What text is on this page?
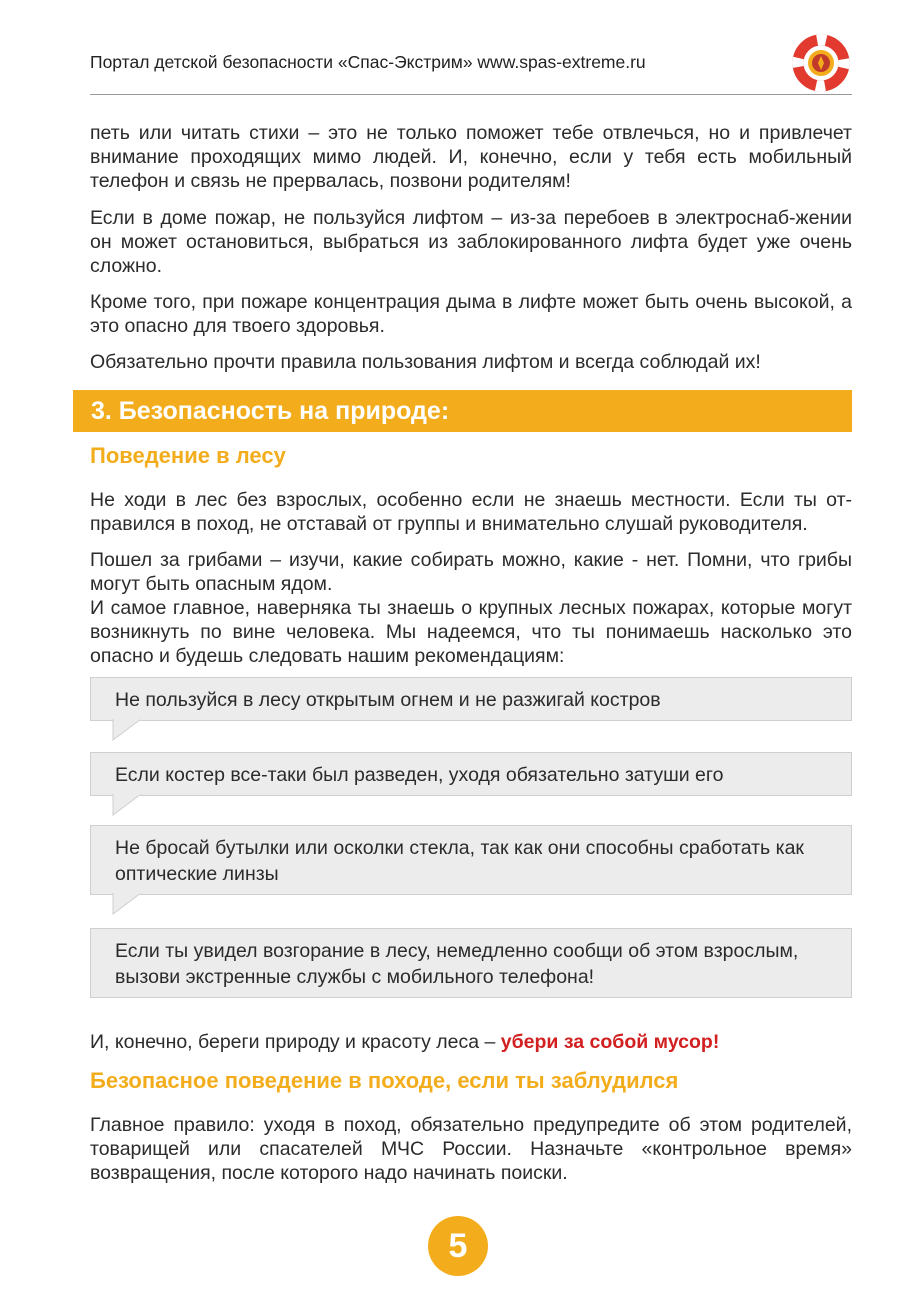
Портал детской безопасности «Спас-Экстрим» www.spas-extreme.ru

петь или читать стихи – это не только поможет тебе отвлечься, но и привлечет внимание проходящих мимо людей. И, конечно, если у тебя есть мобильный телефон и связь не прервалась, позвони родителям!

Если в доме пожар, не пользуйся лифтом – из-за перебоев в электроснаб-жении он может остановиться, выбраться из заблокированного лифта будет уже очень сложно.

Кроме того, при пожаре концентрация дыма в лифте может быть очень высокой, а это опасно для твоего здоровья.

Обязательно прочти правила пользования лифтом и всегда соблюдай их!

3. Безопасность на природе:
Поведение в лесу

Не ходи в лес без взрослых, особенно если не знаешь местности. Если ты от-правился в поход, не отставай от группы и внимательно слушай руководителя.

Пошел за грибами – изучи, какие собирать можно, какие - нет. Помни, что грибы могут быть опасным ядом.

И самое главное, наверняка ты знаешь о крупных лесных пожарах, которые могут возникнуть по вине человека. Мы надеемся, что ты понимаешь насколько это опасно и будешь следовать нашим рекомендациям:

Не пользуйся в лесу открытым огнем и не разжигай костров
Если костер все-таки был разведен, уходя обязательно затуши его
Не бросай бутылки или осколки стекла, так как они способны сработать как оптические линзы
Если ты увидел возгорание в лесу, немедленно сообщи об этом взрослым, вызови экстренные службы с мобильного телефона!

И, конечно, береги природу и красоту леса – убери за собой мусор!

Безопасное поведение в походе, если ты заблудился

Главное правило: уходя в поход, обязательно предупредите об этом родителей, товарищей или спасателей МЧС России. Назначьте «контрольное время» возвращения, после которого надо начинать поиски.

5
